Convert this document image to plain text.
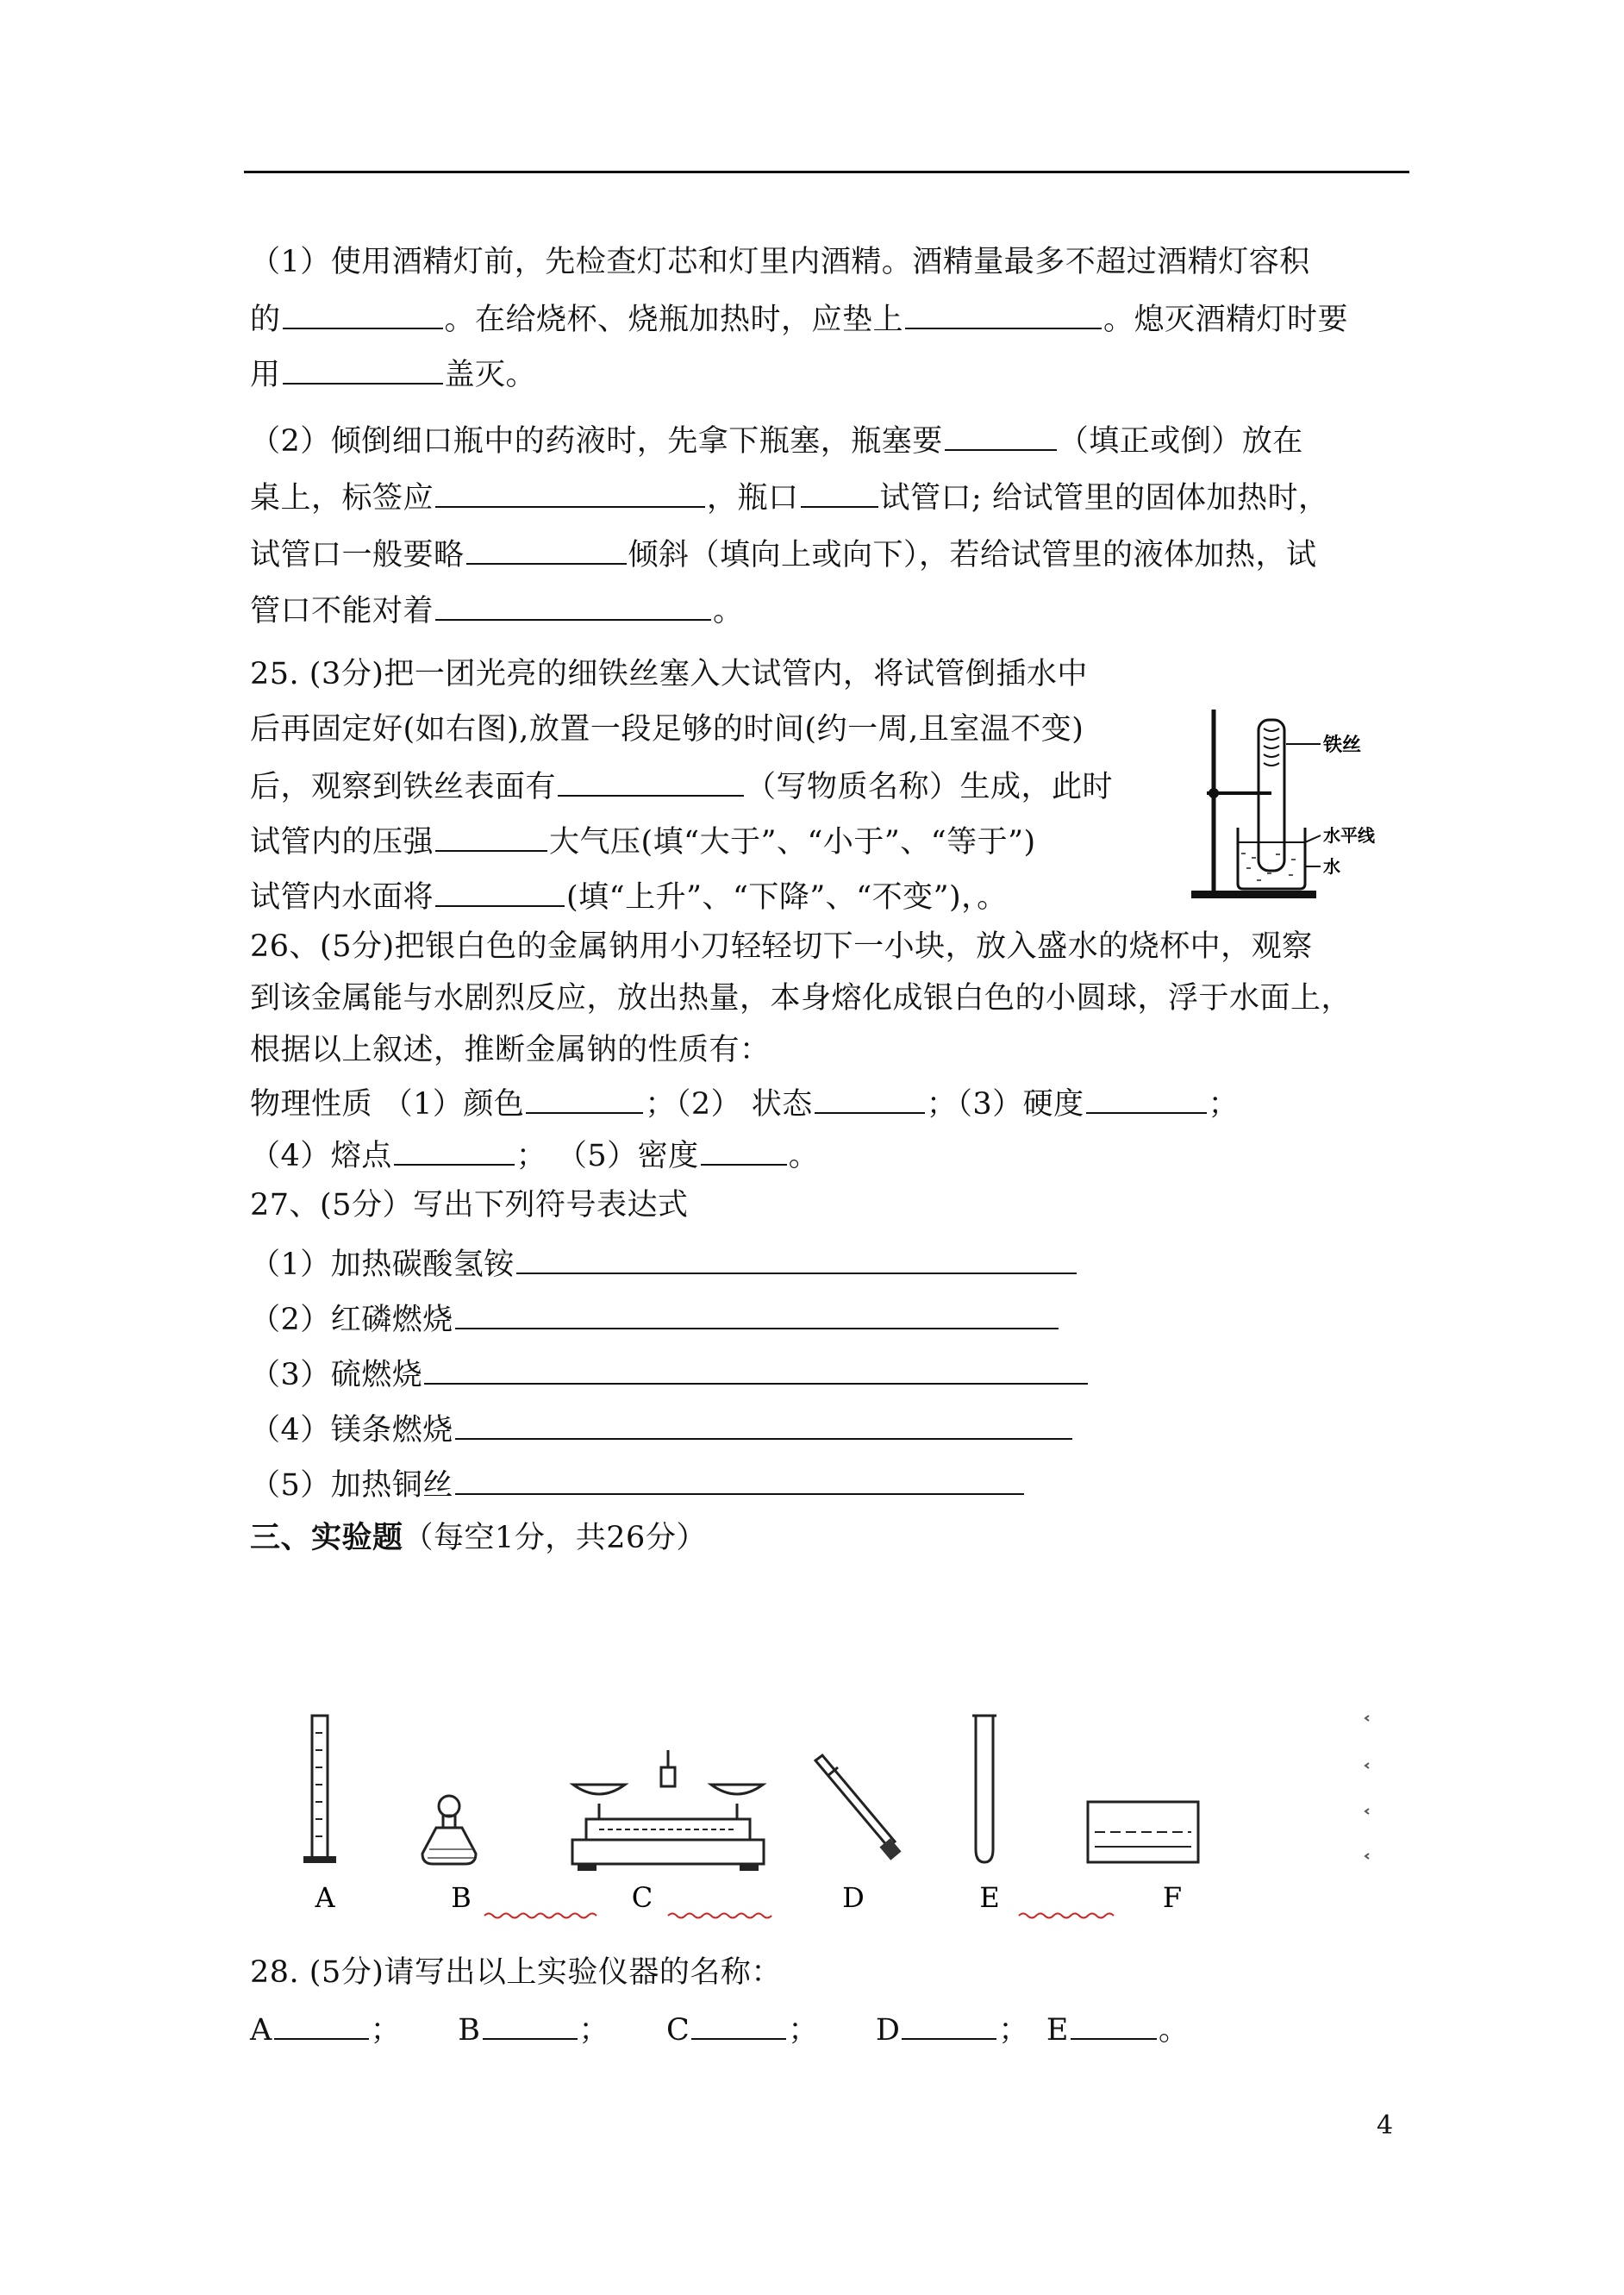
（1）使用酒精灯前，先检查灯芯和灯里内酒精。酒精量最多不超过酒精灯容积
的	。在给烧杯、烧瓶加热时，应垫上	。熄灭酒精灯时要
用	盖灭。
（2）倾倒细口瓶中的药液时，先拿下瓶塞，瓶塞要	（填正或倒）放在
桌上，标签应	，瓶口	试管口; 给试管里的固体加热时，
试管口一般要略	倾斜（填向上或向下），若给试管里的液体加热，试
管口不能对着	。
25. (3分)把一团光亮的细铁丝塞入大试管内，将试管倒插水中
后再固定好(如右图),放置一段足够的时间(约一周,且室温不变)
后，观察到铁丝表面有	（写物质名称）生成，此时
试管内的压强	大气压(填“大于”、“小于”、“等于”)
试管内水面将	(填“上升”、“下降”、“不变”)，。
铁丝
水平线
水
26、(5分)把银白色的金属钠用小刀轻轻切下一小块，放入盛水的烧杯中，观察
到该金属能与水剧烈反应，放出热量，本身熔化成银白色的小圆球，浮于水面上，
根据以上叙述，推断金属钠的性质有：
物理性质 （1）颜色	；（2） 状态	；（3）硬度	；
（4）熔点	； （5）密度	。
27、(5分）写出下列符号表达式
（1）加热碳酸氢铵
（2）红磷燃烧
（3）硫燃烧
（4）镁条燃烧
（5）加热铜丝
三、实验题（每空1分，共26分）
A	B	C	D	E	F
28. (5分)请写出以上实验仪器的名称：
A	； B	； C	； D	； E	。
4
